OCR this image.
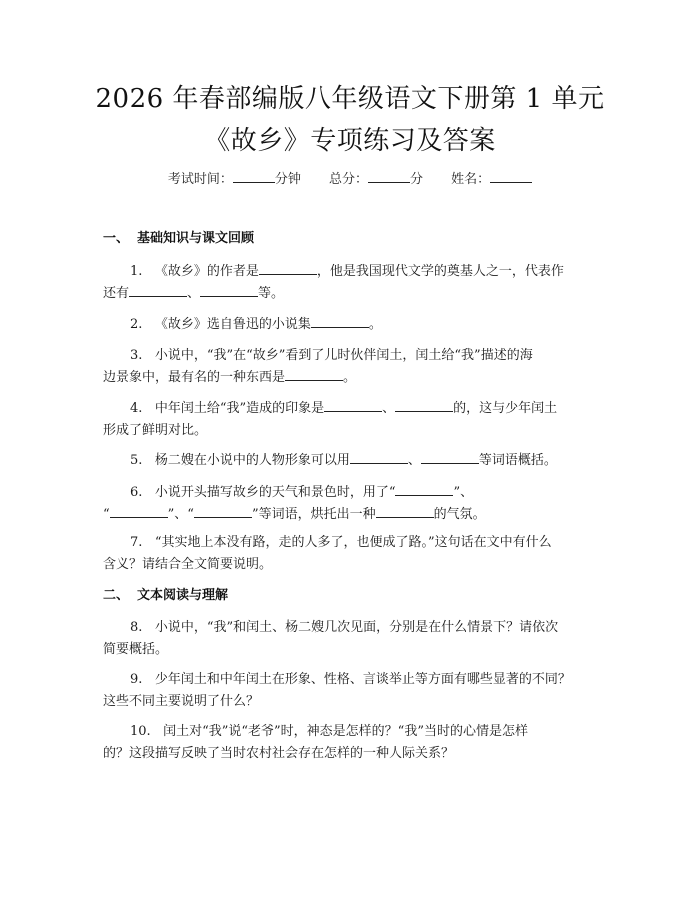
2026 年春部编版八年级语文下册第 1 单元
《故乡》专项练习及答案
考试时间：	分钟 总分：	分 姓名：
一、 基础知识与课文回顾
1. 《故乡》的作者是	，他是我国现代文学的奠基人之一，代表作
还有	、	等。
2. 《故乡》选自鲁迅的小说集	。
3. 小说中，“我”在“故乡”看到了儿时伙伴闰土，闰土给“我”描述的海
边景象中，最有名的一种东西是	。
4. 中年闰土给“我”造成的印象是	、	的，这与少年闰土
形成了鲜明对比。
5. 杨二嫂在小说中的人物形象可以用	、	等词语概括。
6. 小说开头描写故乡的天气和景色时，用了“	”、
“	”、“	”等词语，烘托出一种	的气氛。
7. “其实地上本没有路，走的人多了，也便成了路。”这句话在文中有什么
含义？请结合全文简要说明。
二、 文本阅读与理解
8. 小说中，“我”和闰土、杨二嫂几次见面，分别是在什么情景下？请依次
简要概括。
9. 少年闰土和中年闰土在形象、性格、言谈举止等方面有哪些显著的不同？
这些不同主要说明了什么？
10. 闰土对“我”说“老爷”时，神态是怎样的？“我”当时的心情是怎样
的？这段描写反映了当时农村社会存在怎样的一种人际关系？
